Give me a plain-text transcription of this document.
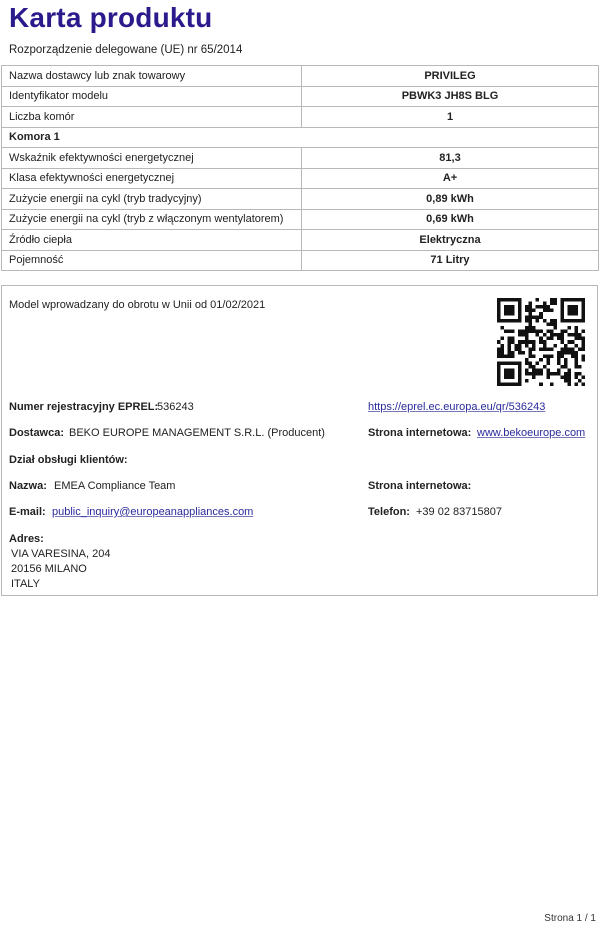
Karta produktu
Rozporządzenie delegowane (UE) nr 65/2014
Nazwa dostawcy lub znak towarowy	PRIVILEG
Identyfikator modelu	PBWK3 JH8S BLG
Liczba komór	1
Komora 1	
Wskaźnik efektywności energetycznej	81,3
Klasa efektywności energetycznej	A+
Zużycie energii na cykl (tryb tradycyjny)	0,89 kWh
Zużycie energii na cykl (tryb z włączonym wentylatorem)	0,69 kWh
Źródło ciepła	Elektryczna
Pojemność	71 Litry
Model wprowadzany do obrotu w Unii od 01/02/2021
Numer rejestracyjny EPREL:
536243	https://eprel.ec.europa.eu/qr/536243
Dostawca: BEKO EUROPE MANAGEMENT S.R.L. (Producent)	Strona internetowa: www.bekoeurope.com
Dział obsługi klientów:
Nazwa: EMEA Compliance Team	Strona internetowa:
E-mail: public_inquiry@europeanappliances.com	Telefon: +39 02 83715807
Adres:
VIA VARESINA, 204
20156 MILANO
ITALY
Strona 1 / 1
